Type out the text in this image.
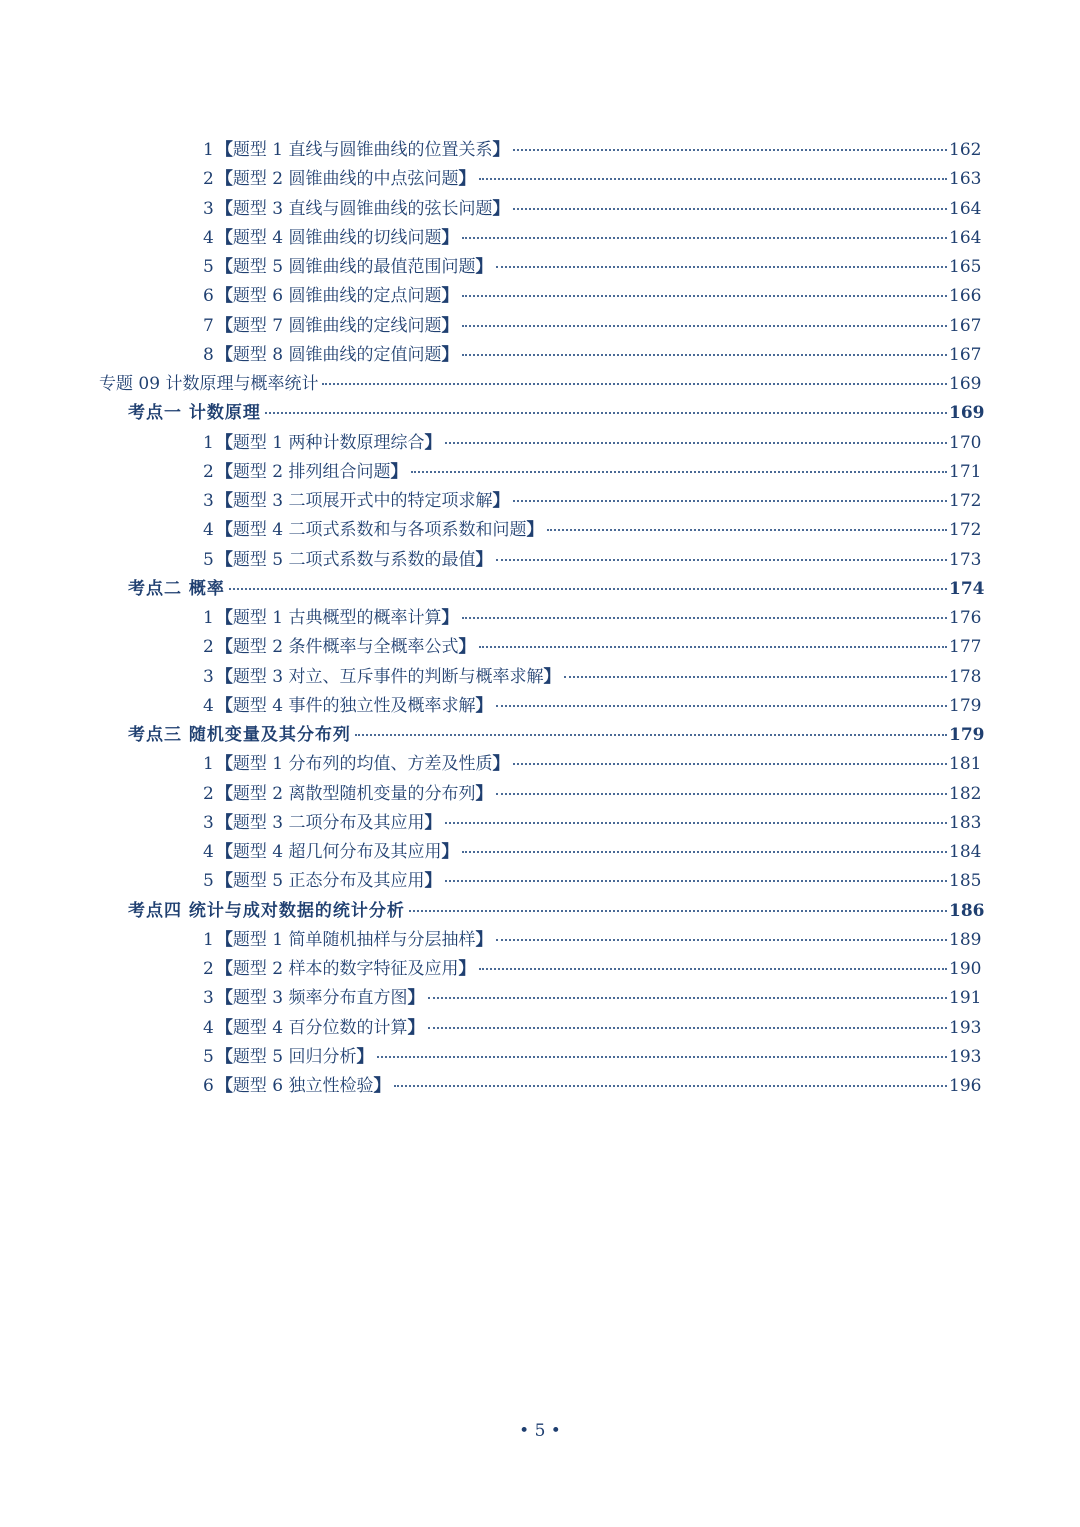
1 【题型 1 直线与圆锥曲线的位置关系】	162
2 【题型 2 圆锥曲线的中点弦问题】	163
3 【题型 3 直线与圆锥曲线的弦长问题】	164
4 【题型 4 圆锥曲线的切线问题】	164
5 【题型 5 圆锥曲线的最值范围问题】	165
6 【题型 6 圆锥曲线的定点问题】	166
7 【题型 7 圆锥曲线的定线问题】	167
8 【题型 8 圆锥曲线的定值问题】	167
专题 09 计数原理与概率统计	169
考点一 计数原理	169
1 【题型 1 两种计数原理综合】	170
2 【题型 2 排列组合问题】	171
3 【题型 3 二项展开式中的特定项求解】	172
4 【题型 4 二项式系数和与各项系数和问题】	172
5 【题型 5 二项式系数与系数的最值】	173
考点二 概率	174
1 【题型 1 古典概型的概率计算】	176
2 【题型 2 条件概率与全概率公式】	177
3 【题型 3 对立、互斥事件的判断与概率求解】	178
4 【题型 4 事件的独立性及概率求解】	179
考点三 随机变量及其分布列	179
1 【题型 1 分布列的均值、方差及性质】	181
2 【题型 2 离散型随机变量的分布列】	182
3 【题型 3 二项分布及其应用】	183
4 【题型 4 超几何分布及其应用】	184
5 【题型 5 正态分布及其应用】	185
考点四 统计与成对数据的统计分析	186
1 【题型 1 简单随机抽样与分层抽样】	189
2 【题型 2 样本的数字特征及应用】	190
3 【题型 3 频率分布直方图】	191
4 【题型 4 百分位数的计算】	193
5 【题型 5 回归分析】	193
6 【题型 6 独立性检验】	196
• 5 •
